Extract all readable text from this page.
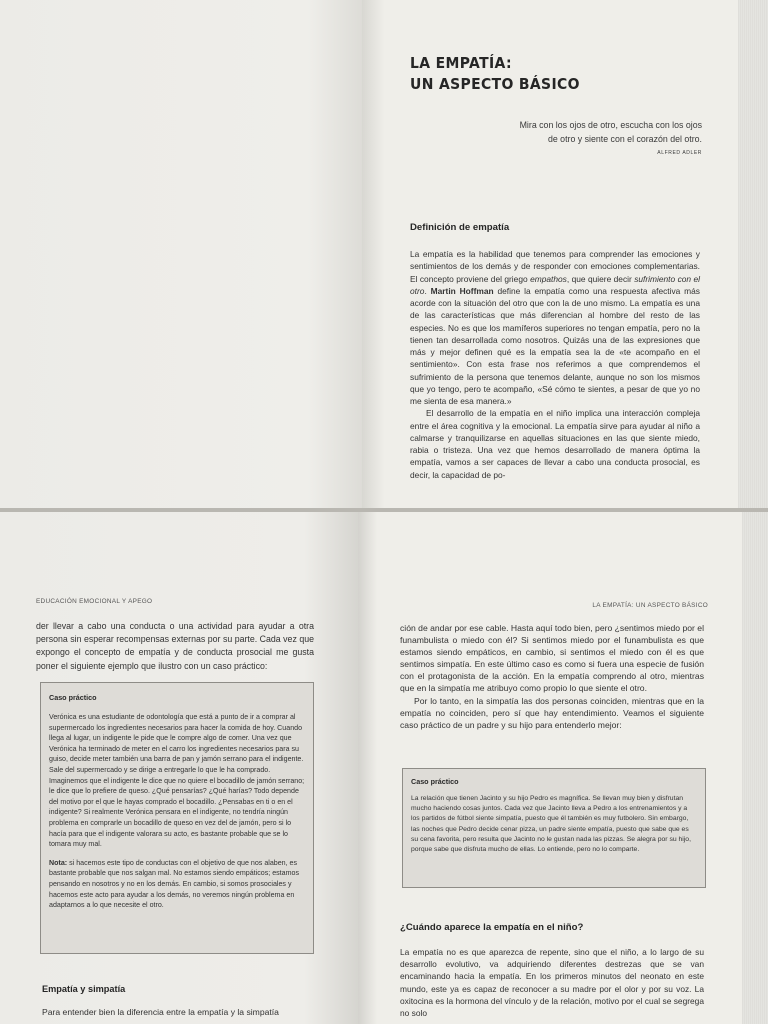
LA EMPATÍA:
UN ASPECTO BÁSICO
Mira con los ojos de otro, escucha con los ojos
de otro y siente con el corazón del otro.
ALFRED ADLER
Definición de empatía

La empatía es la habilidad que tenemos para comprender las emociones y sentimientos de los demás y de responder con emociones complementarias. El concepto proviene del griego empathos, que quiere decir sufrimiento con el otro. Martin Hoffman define la empatía como una respuesta afectiva más acorde con la situación del otro que con la de uno mismo. La empatía es una de las características que más diferencian al hombre del resto de las especies. No es que los mamíferos superiores no tengan empatía, pero no la tienen tan desarrollada como nosotros. Quizás una de las expresiones que más y mejor definen qué es la empatía sea la de «te acompaño en el sentimiento». Con esta frase nos referimos a que comprendemos el sufrimiento de la persona que tenemos delante, aunque no son los mismos que yo tengo, pero te acompaño, «Sé cómo te sientes, a pesar de que yo no me sienta de esa manera.»

El desarrollo de la empatía en el niño implica una interacción compleja entre el área cognitiva y la emocional. La empatía sirve para ayudar al niño a calmarse y tranquilizarse en aquellas situaciones en las que siente miedo, rabia o tristeza. Una vez que hemos desarrollado de manera óptima la empatía, vamos a ser capaces de llevar a cabo una conducta prosocial, es decir, la capacidad de po-

EDUCACIÓN EMOCIONAL Y APEGO
der llevar a cabo una conducta o una actividad para ayudar a otra persona sin esperar recompensas externas por su parte. Cada vez que expongo el concepto de empatía y de conducta prosocial me gusta poner el siguiente ejemplo que ilustro con un caso práctico:
Caso práctico
Verónica es una estudiante de odontología que está a punto de ir a comprar al supermercado los ingredientes necesarios para hacer la comida de hoy. Cuando llega al lugar, un indigente le pide que le compre algo de comer. Una vez que Verónica ha terminado de meter en el carro los ingredientes necesarios para su guiso, decide meter también una barra de pan y jamón serrano para el indigente. Sale del supermercado y se dirige a entregarle lo que le ha comprado. Imaginemos que el indigente le dice que no quiere el bocadillo de jamón serrano; le dice que lo prefiere de queso. ¿Qué pensarías? ¿Qué harías? Todo depende del motivo por el que le hayas comprado el bocadillo. ¿Pensabas en ti o en el indigente? Si realmente Verónica pensara en el indigente, no tendría ningún problema en comprarle un bocadillo de queso en vez del de jamón, pero si lo hacía para que el indigente valorara su acto, es bastante probable que se lo tomara muy mal.
Nota: si hacemos este tipo de conductas con el objetivo de que nos alaben, es bastante probable que nos salgan mal. No estamos siendo empáticos; estamos pensando en nosotros y no en los demás. En cambio, si somos prosociales y hacemos este acto para ayudar a los demás, no veremos ningún problema en adaptarnos a lo que necesite el otro.
Empatía y simpatía
Para entender bien la diferencia entre la empatía y la simpatía
LA EMPATÍA: UN ASPECTO BÁSICO

ción de andar por ese cable. Hasta aquí todo bien, pero ¿sentimos miedo por el funambulista o miedo con él? Si sentimos miedo por el funambulista es que estamos siendo empáticos, en cambio, si sentimos el miedo con él es que sentimos simpatía. En este último caso es como si fuera una especie de fusión con el protagonista de la acción. En la empatía comprendo al otro, mientras que en la simpatía me atribuyo como propio lo que siente el otro.

Por lo tanto, en la simpatía las dos personas coinciden, mientras que en la empatía no coinciden, pero sí que hay entendimiento. Veamos el siguiente caso práctico de un padre y su hijo para entenderlo mejor:

Caso práctico
La relación que tienen Jacinto y su hijo Pedro es magnífica. Se llevan muy bien y disfrutan mucho haciendo cosas juntos. Cada vez que Jacinto lleva a Pedro a los entrenamientos y a los partidos de fútbol siente simpatía, puesto que él también es muy futbolero. Sin embargo, las noches que Pedro decide cenar pizza, un padre siente empatía, puesto que sabe que es su cena favorita, pero resulta que Jacinto no le gustan nada las pizzas. Se alegra por su hijo, porque sabe que disfruta mucho de ellas. Lo entiende, pero no lo comparte.
¿Cuándo aparece la empatía en el niño?
La empatía no es que aparezca de repente, sino que el niño, a lo largo de su desarrollo evolutivo, va adquiriendo diferentes destrezas que se van encaminando hacia la empatía. En los primeros minutos del neonato en este mundo, este ya es capaz de reconocer a su madre por el olor y por su voz. La oxitocina es la hormona del vínculo y de la relación, motivo por el cual se segrega no solo
